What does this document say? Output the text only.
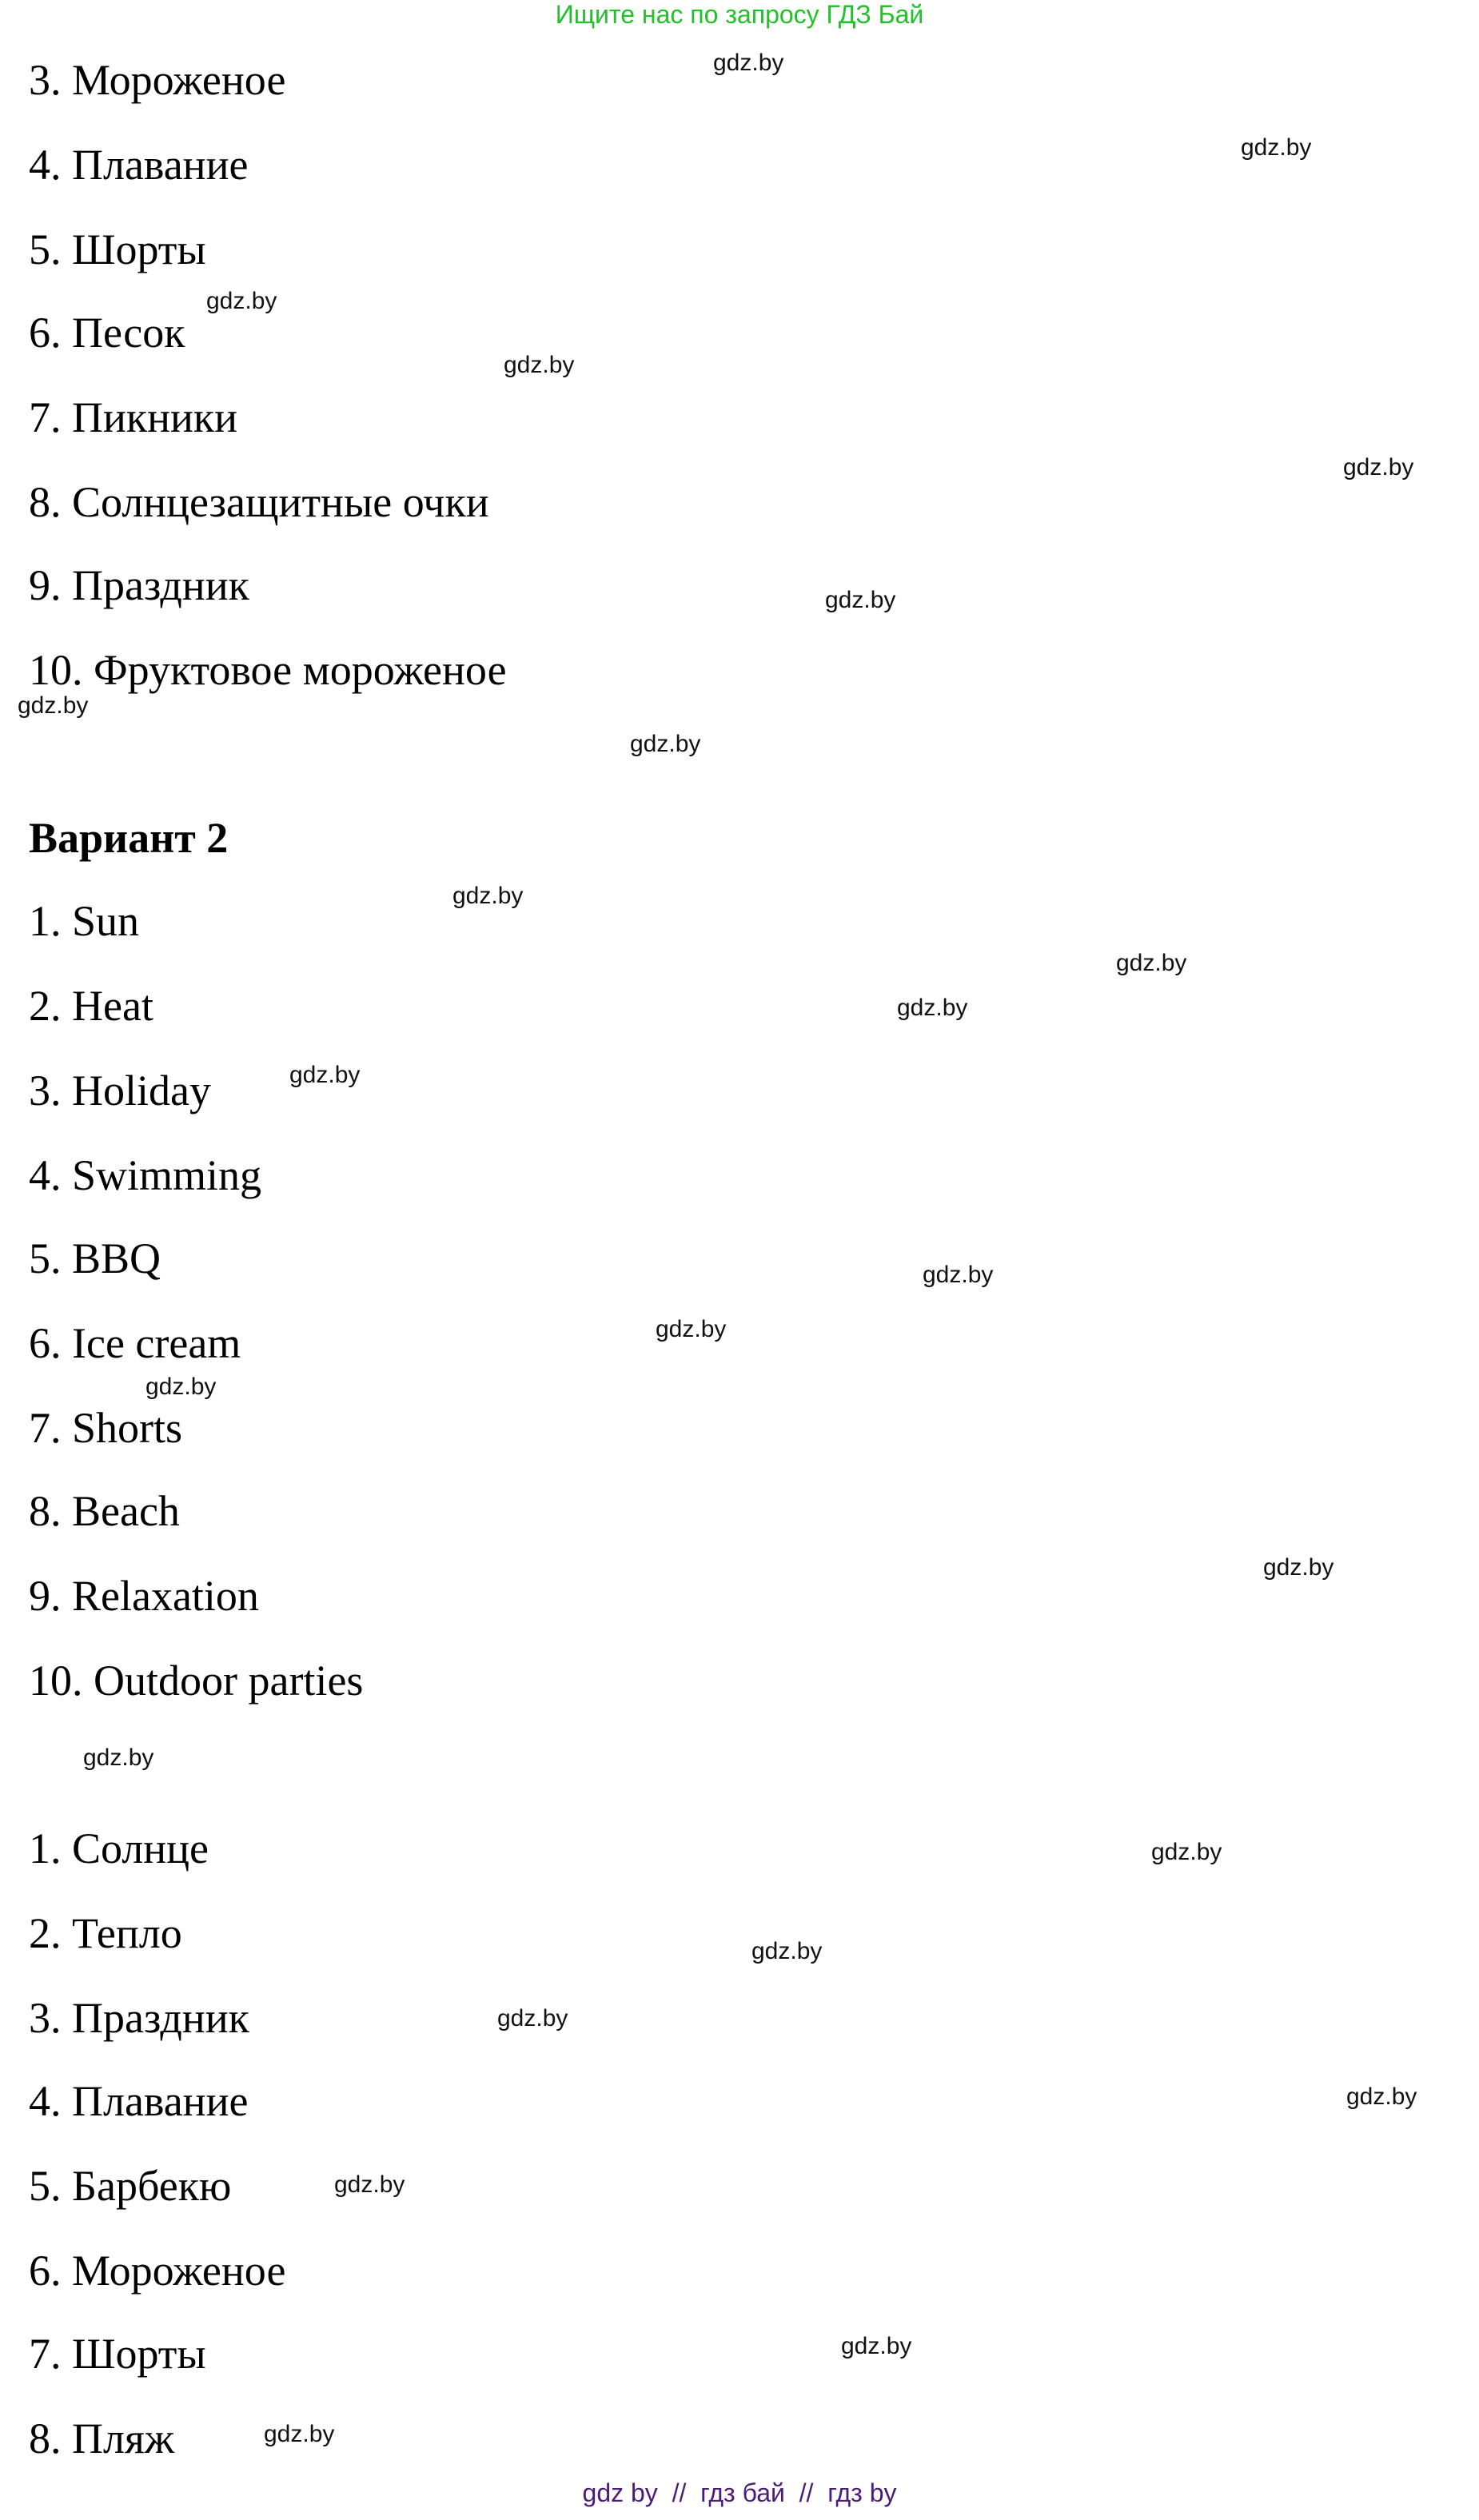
Ищите нас по запросу ГДЗ Бай
3. Мороженое
4. Плавание
5. Шорты
6. Песок
7. Пикники
8. Солнцезащитные очки
9. Праздник
10. Фруктовое мороженое
Вариант 2
1. Sun
2. Heat
3. Holiday
4. Swimming
5. BBQ
6. Ice cream
7. Shorts
8. Beach
9. Relaxation
10. Outdoor parties
1. Солнце
2. Тепло
3. Праздник
4. Плавание
5. Барбекю
6. Мороженое
7. Шорты
8. Пляж
gdz.by
gdz.by
gdz.by
gdz.by
gdz.by
gdz.by
gdz.by
gdz.by
gdz.by
gdz.by
gdz.by
gdz.by
gdz.by
gdz.by
gdz.by
gdz.by
gdz.by
gdz.by
gdz.by
gdz.by
gdz.by
gdz.by
gdz.by
gdz.by
gdz by  //  гдз бай  //  гдз by
